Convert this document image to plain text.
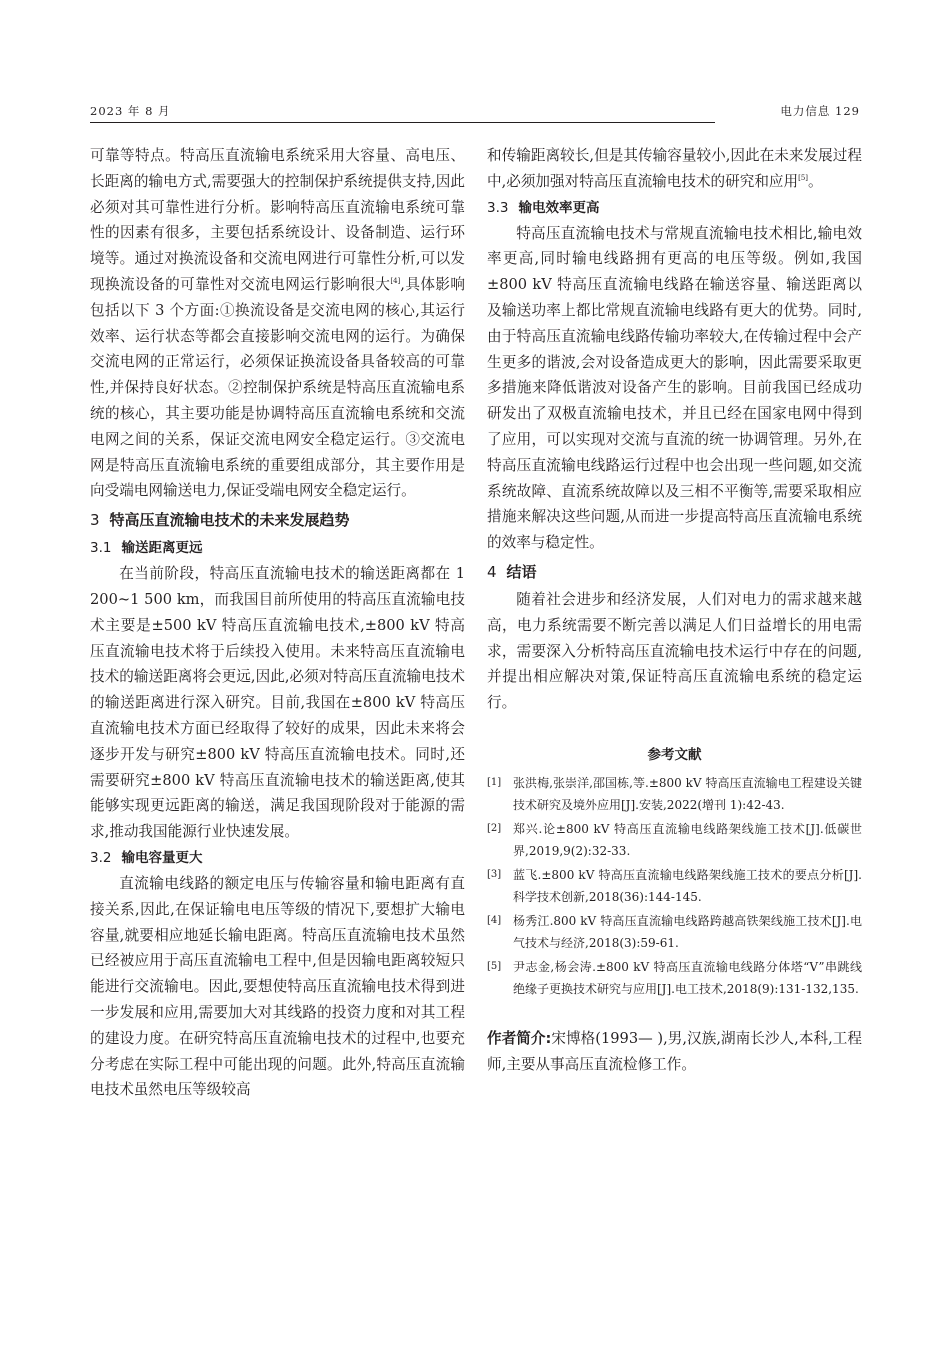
2023 年 8 月	电力信息 129

可靠等特点。特高压直流输电系统采用大容量、高电压、长距离的输电方式,需要强大的控制保护系统提供支持,因此必须对其可靠性进行分析。影响特高压直流输电系统可靠性的因素有很多，主要包括系统设计、设备制造、运行环境等。通过对换流设备和交流电网进行可靠性分析,可以发现换流设备的可靠性对交流电网运行影响很大[4],具体影响包括以下 3 个方面:①换流设备是交流电网的核心,其运行效率、运行状态等都会直接影响交流电网的运行。为确保交流电网的正常运行，必须保证换流设备具备较高的可靠性,并保持良好状态。②控制保护系统是特高压直流输电系统的核心，其主要功能是协调特高压直流输电系统和交流电网之间的关系，保证交流电网安全稳定运行。③交流电网是特高压直流输电系统的重要组成部分，其主要作用是向受端电网输送电力,保证受端电网安全稳定运行。

3 特高压直流输电技术的未来发展趋势
3.1 输送距离更远

在当前阶段，特高压直流输电技术的输送距离都在 1 200~1 500 km，而我国目前所使用的特高压直流输电技术主要是±500 kV 特高压直流输电技术,±800 kV 特高压直流输电技术将于后续投入使用。未来特高压直流输电技术的输送距离将会更远,因此,必须对特高压直流输电技术的输送距离进行深入研究。目前,我国在±800 kV 特高压直流输电技术方面已经取得了较好的成果，因此未来将会逐步开发与研究±800 kV 特高压直流输电技术。同时,还需要研究±800 kV 特高压直流输电技术的输送距离,使其能够实现更远距离的输送，满足我国现阶段对于能源的需求,推动我国能源行业快速发展。

3.2 输电容量更大

直流输电线路的额定电压与传输容量和输电距离有直接关系,因此,在保证输电电压等级的情况下,要想扩大输电容量,就要相应地延长输电距离。特高压直流输电技术虽然已经被应用于高压直流输电工程中,但是因输电距离较短只能进行交流输电。因此,要想使特高压直流输电技术得到进一步发展和应用,需要加大对其线路的投资力度和对其工程的建设力度。在研究特高压直流输电技术的过程中,也要充分考虑在实际工程中可能出现的问题。此外,特高压直流输电技术虽然电压等级较高

和传输距离较长,但是其传输容量较小,因此在未来发展过程中,必须加强对特高压直流输电技术的研究和应用[5]。

3.3 输电效率更高

特高压直流输电技术与常规直流输电技术相比,输电效率更高,同时输电线路拥有更高的电压等级。例如,我国±800 kV 特高压直流输电线路在输送容量、输送距离以及输送功率上都比常规直流输电线路有更大的优势。同时,由于特高压直流输电线路传输功率较大,在传输过程中会产生更多的谐波,会对设备造成更大的影响，因此需要采取更多措施来降低谐波对设备产生的影响。目前我国已经成功研发出了双极直流输电技术，并且已经在国家电网中得到了应用，可以实现对交流与直流的统一协调管理。另外,在特高压直流输电线路运行过程中也会出现一些问题,如交流系统故障、直流系统故障以及三相不平衡等,需要采取相应措施来解决这些问题,从而进一步提高特高压直流输电系统的效率与稳定性。

4 结语

随着社会进步和经济发展，人们对电力的需求越来越高，电力系统需要不断完善以满足人们日益增长的用电需求，需要深入分析特高压直流输电技术运行中存在的问题,并提出相应解决对策,保证特高压直流输电系统的稳定运行。

参考文献
[1] 张洪梅,张崇洋,邵国栋,等.±800 kV 特高压直流输电工程建设关键技术研究及境外应用[J].安装,2022(增刊 1):42-43.
[2] 郑兴.论±800 kV 特高压直流输电线路架线施工技术[J].低碳世界,2019,9(2):32-33.
[3] 蓝飞.±800 kV 特高压直流输电线路架线施工技术的要点分析[J].科学技术创新,2018(36):144-145.
[4] 杨秀江.800 kV 特高压直流输电线路跨越高铁架线施工技术[J].电气技术与经济,2018(3):59-61.
[5] 尹志金,杨会涛.±800 kV 特高压直流输电线路分体塔“V”串跳线绝缘子更换技术研究与应用[J].电工技术,2018(9):131-132,135.

作者简介:宋博格(1993— ),男,汉族,湖南长沙人,本科,工程师,主要从事高压直流检修工作。
